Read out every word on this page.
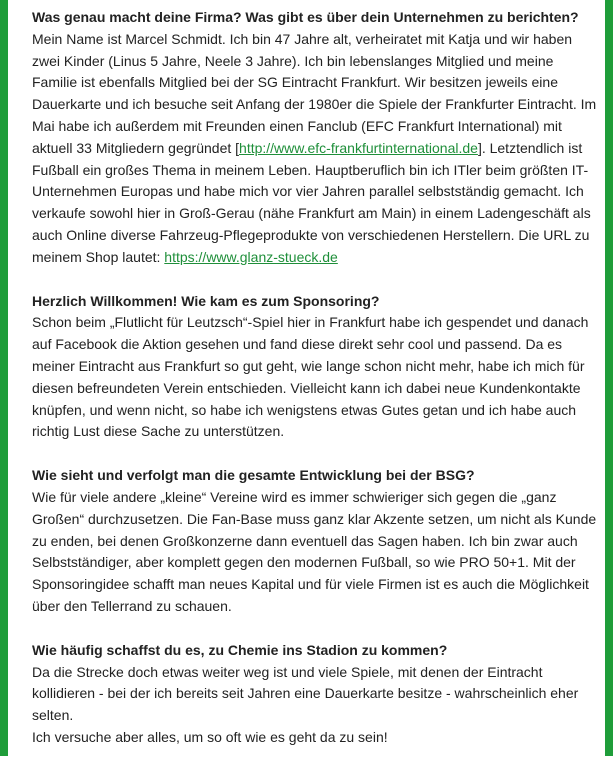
Was genau macht deine Firma? Was gibt es über dein Unternehmen zu berichten?

Mein Name ist Marcel Schmidt. Ich bin 47 Jahre alt, verheiratet mit Katja und wir haben zwei Kinder (Linus 5 Jahre, Neele 3 Jahre). Ich bin lebenslanges Mitglied und meine Familie ist ebenfalls Mitglied bei der SG Eintracht Frankfurt. Wir besitzen jeweils eine Dauerkarte und ich besuche seit Anfang der 1980er die Spiele der Frankfurter Eintracht. Im Mai habe ich außerdem mit Freunden einen Fanclub (EFC Frankfurt International) mit aktuell 33 Mitgliedern gegründet [http://www.efc-frankfurtinternational.de]. Letztendlich ist Fußball ein großes Thema in meinem Leben. Hauptberuflich bin ich ITler beim größten IT-Unternehmen Europas und habe mich vor vier Jahren parallel selbstständig gemacht. Ich verkaufe sowohl hier in Groß-Gerau (nähe Frankfurt am Main) in einem Ladengeschäft als auch Online diverse Fahrzeug-Pflegeprodukte von verschiedenen Herstellern. Die URL zu meinem Shop lautet: https://www.glanz-stueck.de

Herzlich Willkommen! Wie kam es zum Sponsoring?

Schon beim „Flutlicht für Leutzsch“-Spiel hier in Frankfurt habe ich gespendet und danach auf Facebook die Aktion gesehen und fand diese direkt sehr cool und passend. Da es meiner Eintracht aus Frankfurt so gut geht, wie lange schon nicht mehr, habe ich mich für diesen befreundeten Verein entschieden. Vielleicht kann ich dabei neue Kundenkontakte knüpfen, und wenn nicht, so habe ich wenigstens etwas Gutes getan und ich habe auch richtig Lust diese Sache zu unterstützen.

Wie sieht und verfolgt man die gesamte Entwicklung bei der BSG?

Wie für viele andere „kleine“ Vereine wird es immer schwieriger sich gegen die „ganz Großen“ durchzusetzen. Die Fan-Base muss ganz klar Akzente setzen, um nicht als Kunde zu enden, bei denen Großkonzerne dann eventuell das Sagen haben. Ich bin zwar auch Selbstständiger, aber komplett gegen den modernen Fußball, so wie PRO 50+1. Mit der Sponsoringidee schafft man neues Kapital und für viele Firmen ist es auch die Möglichkeit über den Tellerrand zu schauen.

Wie häufig schaffst du es, zu Chemie ins Stadion zu kommen?

Da die Strecke doch etwas weiter weg ist und viele Spiele, mit denen der Eintracht kollidieren - bei der ich bereits seit Jahren eine Dauerkarte besitze - wahrscheinlich eher selten.

Ich versuche aber alles, um so oft wie es geht da zu sein!
